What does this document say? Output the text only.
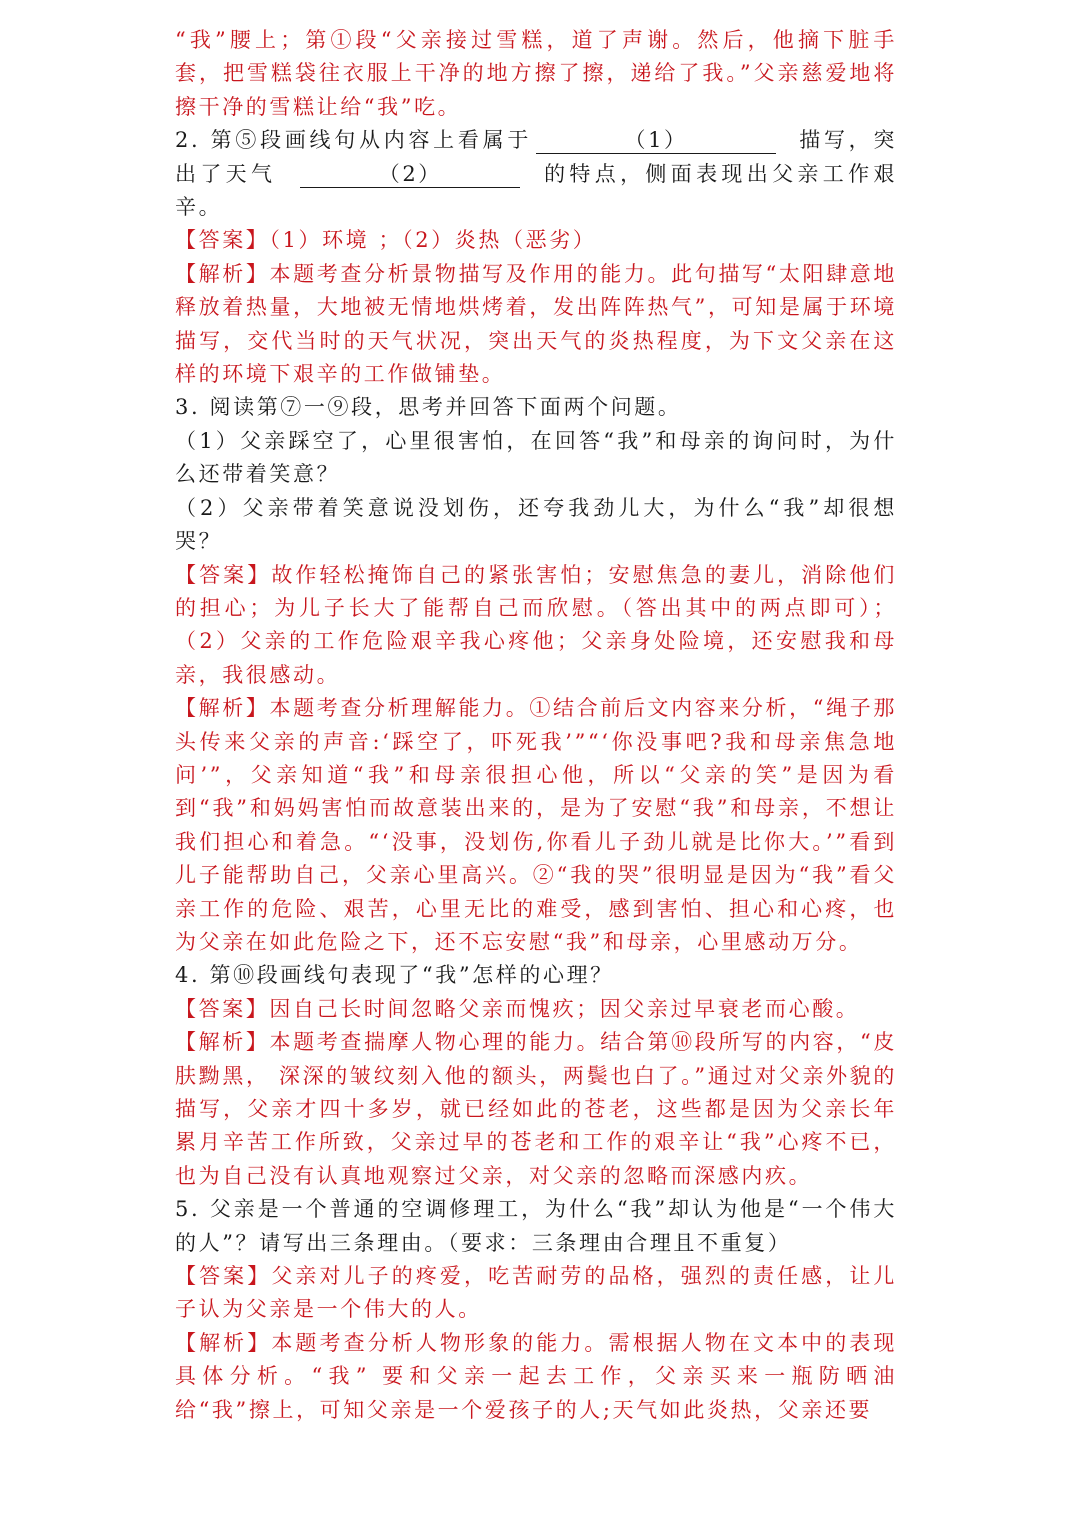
“我”腰上；第①段“父亲接过雪糕，道了声谢。然后，他摘下脏手套，把雪糕袋往衣服上干净的地方擦了擦，递给了我。”父亲慈爱地将擦干净的雪糕让给“我”吃。

2. 第⑤段画线句从内容上看属于	（1）	描写，突出了天气	（2）	的特点，侧面表现出父亲工作艰辛。

【答案】（1）环境 ；（2）炎热（恶劣）

【解析】本题考查分析景物描写及作用的能力。此句描写“太阳肆意地释放着热量，大地被无情地烘烤着，发出阵阵热气”，可知是属于环境描写，交代当时的天气状况，突出天气的炎热程度，为下文父亲在这样的环境下艰辛的工作做铺垫。

3. 阅读第⑦一⑨段，思考并回答下面两个问题。

（1）父亲踩空了，心里很害怕，在回答“我”和母亲的询问时，为什么还带着笑意？

（2）父亲带着笑意说没划伤，还夸我劲儿大，为什么“我”却很想哭？

【答案】故作轻松掩饰自己的紧张害怕；安慰焦急的妻儿，消除他们的担心；为儿子长大了能帮自己而欣慰。（答出其中的两点即可）；（2）父亲的工作危险艰辛我心疼他；父亲身处险境，还安慰我和母亲，我很感动。

【解析】本题考查分析理解能力。①结合前后文内容来分析，“绳子那头传来父亲的声音:‘踩空了，吓死我’”“‘你没事吧?我和母亲焦急地问’”，父亲知道“我”和母亲很担心他，所以“父亲的笑”是因为看到“我”和妈妈害怕而故意装出来的，是为了安慰“我”和母亲，不想让我们担心和着急。“‘没事，没划伤,你看儿子劲儿就是比你大。’”看到儿子能帮助自己，父亲心里高兴。②“我的哭”很明显是因为“我”看父亲工作的危险、艰苦，心里无比的难受，感到害怕、担心和心疼，也为父亲在如此危险之下，还不忘安慰“我”和母亲，心里感动万分。

4. 第⑩段画线句表现了“我”怎样的心理？

【答案】因自己长时间忽略父亲而愧疚；因父亲过早衰老而心酸。

【解析】本题考查揣摩人物心理的能力。结合第⑩段所写的内容，“皮肤黝黑， 深深的皱纹刻入他的额头，两鬓也白了。”通过对父亲外貌的描写，父亲才四十多岁，就已经如此的苍老，这些都是因为父亲长年累月辛苦工作所致，父亲过早的苍老和工作的艰辛让“我”心疼不已，也为自己没有认真地观察过父亲，对父亲的忽略而深感内疚。

5. 父亲是一个普通的空调修理工，为什么“我”却认为他是“一个伟大的人”？请写出三条理由。（要求：三条理由合理且不重复）

【答案】父亲对儿子的疼爱，吃苦耐劳的品格，强烈的责任感，让儿子认为父亲是一个伟大的人。

【解析】本题考查分析人物形象的能力。需根据人物在文本中的表现具体分析。“我” 要和父亲一起去工作，父亲买来一瓶防晒油给“我”擦上，可知父亲是一个爱孩子的人;天气如此炎热，父亲还要
